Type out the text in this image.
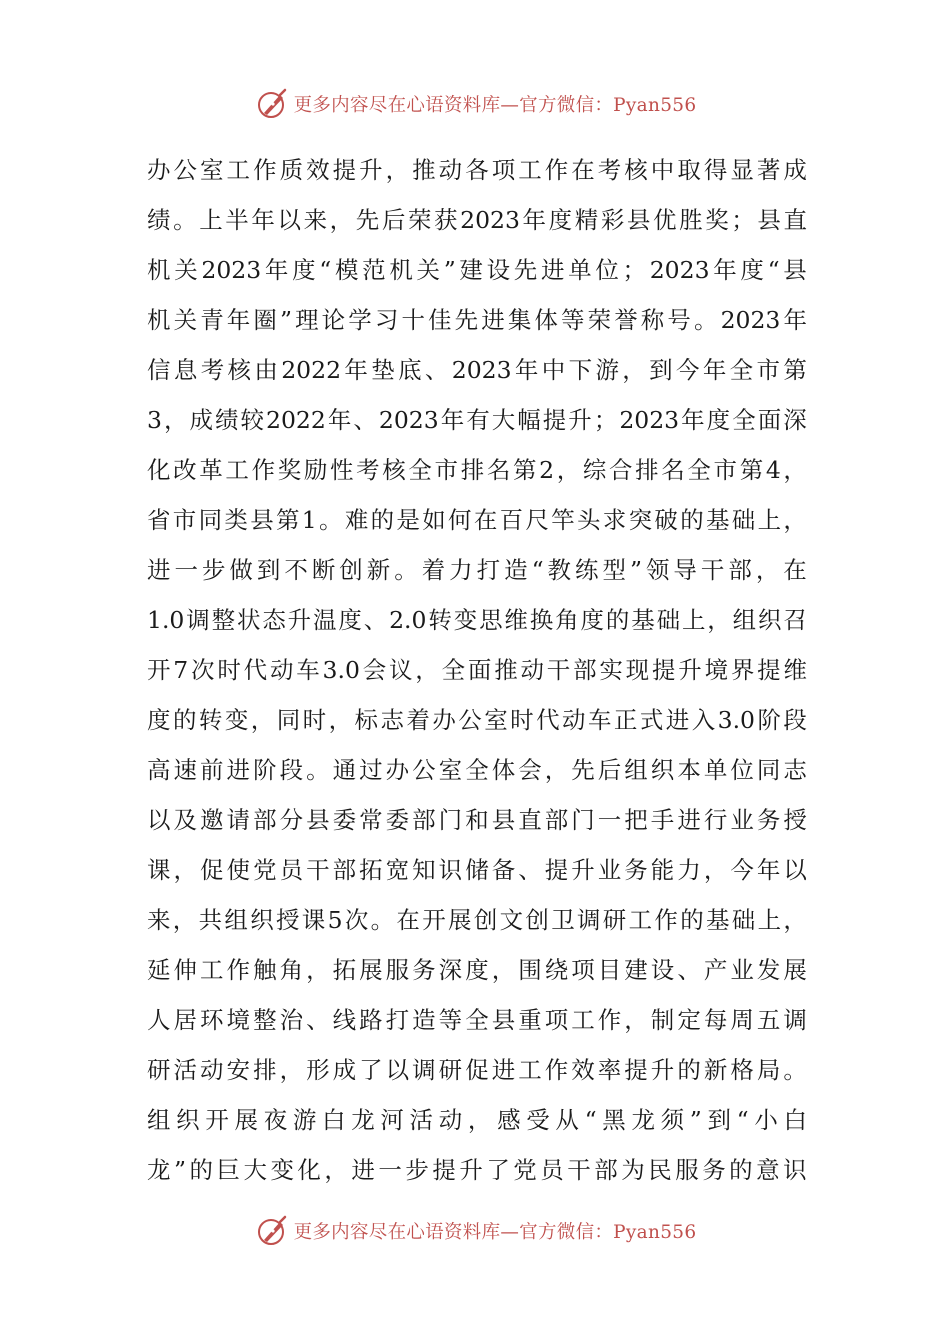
更多内容尽在心语资料库—官方微信：Pyan556
办 公 室 工 作 质 效 提 升 ， 推 动 各 项 工 作 在 考 核 中 取 得 显 著 成
绩 。 上 半 年 以 来 ， 先 后 荣 获 2023 年 度 精 彩 县 优 胜 奖 ； 县 直
机 关 2023 年 度 “ 模 范 机 关 ” 建 设 先 进 单 位 ； 2023 年 度 “ 县
机 关 青 年 圈 ” 理 论 学 习 十 佳 先 进 集 体 等 荣 誉 称 号 。 2023 年
信 息 考 核 由 2022 年 垫 底 、 2023 年 中 下 游 ， 到 今 年 全 市 第
3 ， 成 绩 较 2022 年 、 2023 年 有 大 幅 提 升 ； 2023 年 度 全 面 深
化 改 革 工 作 奖 励 性 考 核 全 市 排 名 第 2 ， 综 合 排 名 全 市 第 4 ，
省 市 同 类 县 第 1 。 难 的 是 如 何 在 百 尺 竿 头 求 突 破 的 基 础 上 ，
进 一 步 做 到 不 断 创 新 。 着 力 打 造 “ 教 练 型 ” 领 导 干 部 ， 在
1.0 调 整 状 态 升 温 度 、 2.0 转 变 思 维 换 角 度 的 基 础 上 ， 组 织 召
开 7 次 时 代 动 车 3.0 会 议 ， 全 面 推 动 干 部 实 现 提 升 境 界 提 维
度 的 转 变 ， 同 时 ， 标 志 着 办 公 室 时 代 动 车 正 式 进 入 3.0 阶 段
高 速 前 进 阶 段 。 通 过 办 公 室 全 体 会 ， 先 后 组 织 本 单 位 同 志
以 及 邀 请 部 分 县 委 常 委 部 门 和 县 直 部 门 一 把 手 进 行 业 务 授
课 ， 促 使 党 员 干 部 拓 宽 知 识 储 备 、 提 升 业 务 能 力 ， 今 年 以
来 ， 共 组 织 授 课 5 次 。 在 开 展 创 文 创 卫 调 研 工 作 的 基 础 上 ，
延 伸 工 作 触 角 ， 拓 展 服 务 深 度 ， 围 绕 项 目 建 设 、 产 业 发 展
人 居 环 境 整 治 、 线 路 打 造 等 全 县 重 项 工 作 ， 制 定 每 周 五 调
研 活 动 安 排 ， 形 成 了 以 调 研 促 进 工 作 效 率 提 升 的 新 格 局 。
组 织 开 展 夜 游 白 龙 河 活 动 ， 感 受 从 “ 黑 龙 须 ” 到 “ 小 白
龙 ” 的 巨 大 变 化 ， 进 一 步 提 升 了 党 员 干 部 为 民 服 务 的 意 识
更多内容尽在心语资料库—官方微信：Pyan556
